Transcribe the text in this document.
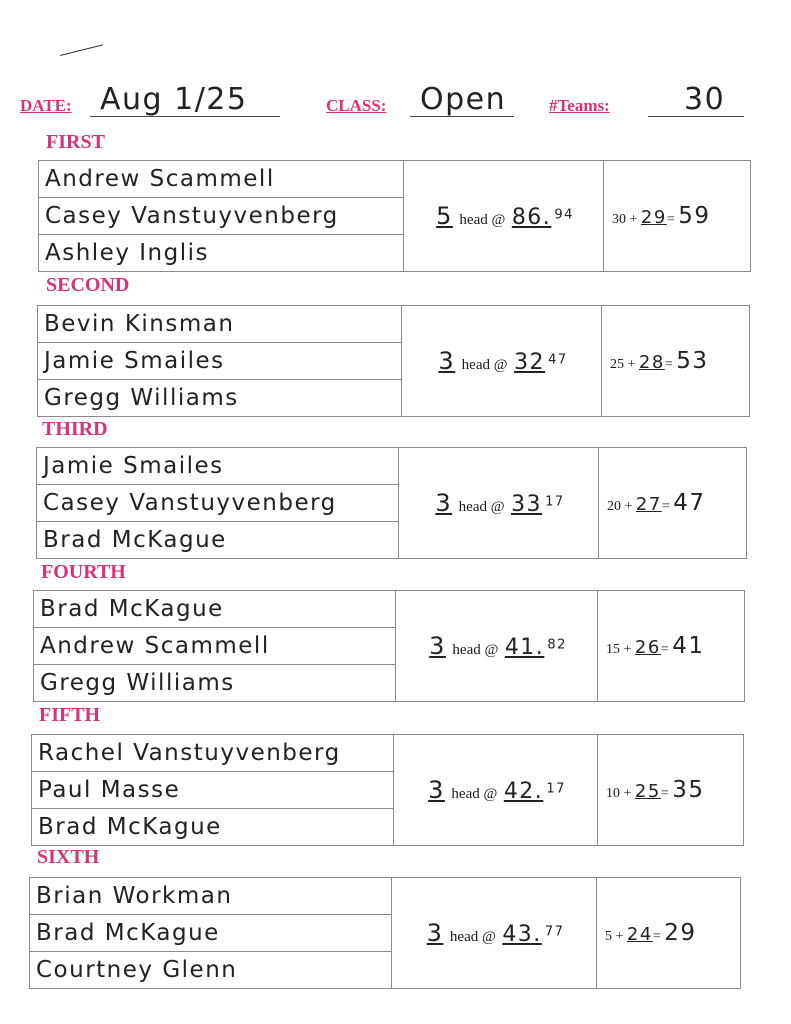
DATE: Aug 1/25	CLASS: Open	#Teams: 30
FIRST
Andrew Scammell	5 head @ 86. 94	30 + 29= 59
Casey Vanstuyvenberg
Ashley Inglis
SECOND
Bevin Kinsman	3 head @ 32 47	25 + 28= 53
Jamie Smailes
Gregg Williams
THIRD
Jamie Smailes	3 head @ 33 17	20 + 27= 47
Casey Vanstuyvenberg
Brad McKague
FOURTH
Brad McKague	3 head @ 41. 82	15 + 26= 41
Andrew Scammell
Gregg Williams
FIFTH
Rachel Vanstuyvenberg	3 head @ 42. 17	10 + 25= 35
Paul Masse
Brad McKague
SIXTH
Brian Workman	3 head @ 43. 77	5 + 24= 29
Brad McKague
Courtney Glenn
